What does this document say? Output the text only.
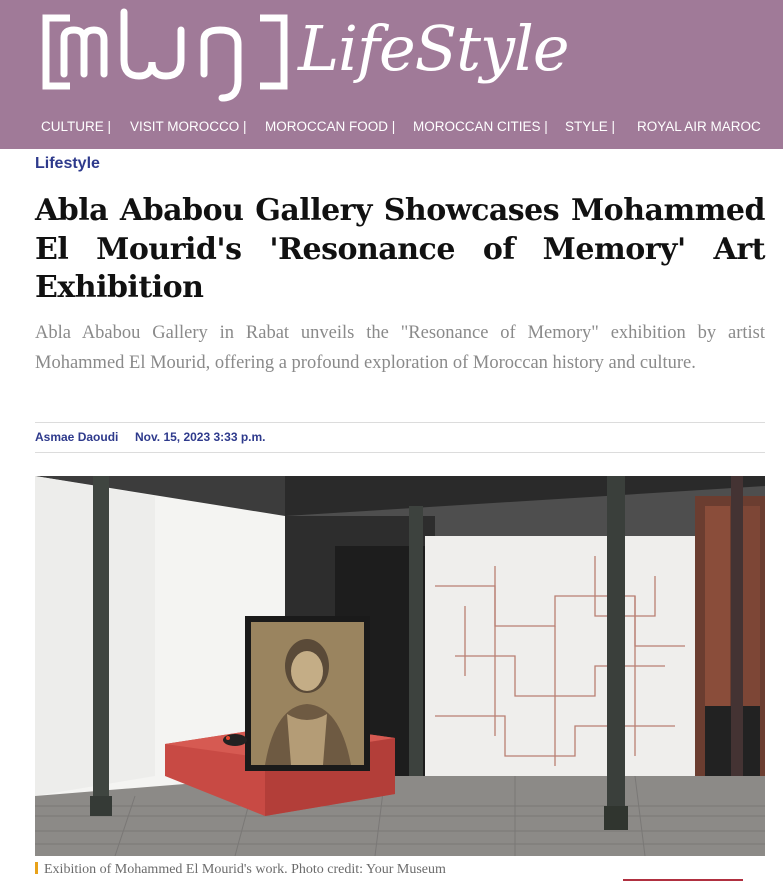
LifeStyle
CULTURE | VISIT MOROCCO | MOROCCAN FOOD | MOROCCAN CITIES | STYLE | ROYAL AIR MAROC
Lifestyle
Abla Ababou Gallery Showcases Mohammed El Mourid's 'Resonance of Memory' Art Exhibition

Abla Ababou Gallery in Rabat unveils the "Resonance of Memory" exhibition by artist Mohammed El Mourid, offering a profound exploration of Moroccan history and culture.

Asmae Daoudi Nov. 15, 2023 3:33 p.m.
Exibition of Mohammed El Mourid's work. Photo credit: Your Museum
